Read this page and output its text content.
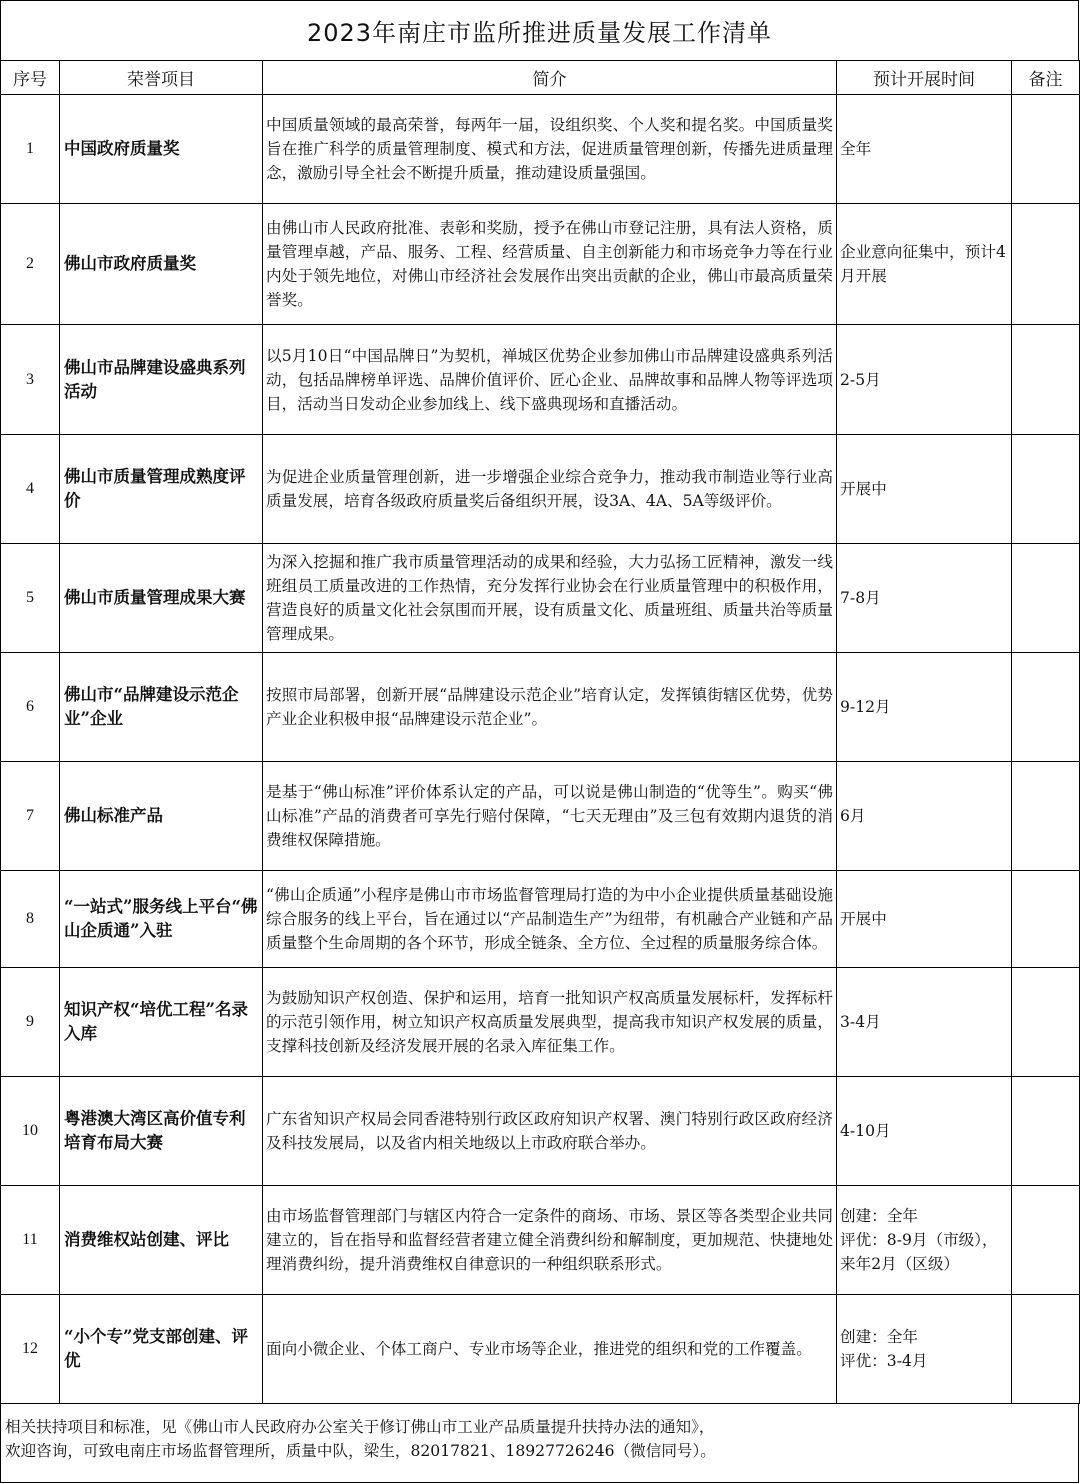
2023年南庄市监所推进质量发展工作清单
序号	荣誉项目	简介	预计开展时间	备注
1	中国政府质量奖	中国质量领域的最高荣誉，每两年一届，设组织奖、个人奖和提名奖。中国质量奖旨在推广科学的质量管理制度、模式和方法，促进质量管理创新，传播先进质量理念，激励引导全社会不断提升质量，推动建设质量强国。	全年	
2	佛山市政府质量奖	由佛山市人民政府批准、表彰和奖励，授予在佛山市登记注册，具有法人资格，质量管理卓越，产品、服务、工程、经营质量、自主创新能力和市场竞争力等在行业内处于领先地位，对佛山市经济社会发展作出突出贡献的企业，佛山市最高质量荣誉奖。	企业意向征集中，预计4月开展	
3	佛山市品牌建设盛典系列活动	以5月10日“中国品牌日”为契机，禅城区优势企业参加佛山市品牌建设盛典系列活动，包括品牌榜单评选、品牌价值评价、匠心企业、品牌故事和品牌人物等评选项目，活动当日发动企业参加线上、线下盛典现场和直播活动。	2-5月	
4	佛山市质量管理成熟度评价	为促进企业质量管理创新，进一步增强企业综合竞争力，推动我市制造业等行业高质量发展，培育各级政府质量奖后备组织开展，设3A、4A、5A等级评价。	开展中	
5	佛山市质量管理成果大赛	为深入挖掘和推广我市质量管理活动的成果和经验，大力弘扬工匠精神，激发一线班组员工质量改进的工作热情，充分发挥行业协会在行业质量管理中的积极作用，营造良好的质量文化社会氛围而开展，设有质量文化、质量班组、质量共治等质量管理成果。	7-8月	
6	佛山市“品牌建设示范企业”企业	按照市局部署，创新开展“品牌建设示范企业”培育认定，发挥镇街辖区优势，优势产业企业积极申报“品牌建设示范企业”。	9-12月	
7	佛山标准产品	是基于“佛山标准”评价体系认定的产品，可以说是佛山制造的“优等生”。购买“佛山标准”产品的消费者可享先行赔付保障，“七天无理由”及三包有效期内退货的消费维权保障措施。	6月	
8	“一站式”服务线上平台“佛山企质通”入驻	“佛山企质通”小程序是佛山市市场监督管理局打造的为中小企业提供质量基础设施综合服务的线上平台，旨在通过以“产品制造生产”为纽带，有机融合产业链和产品质量整个生命周期的各个环节，形成全链条、全方位、全过程的质量服务综合体。	开展中	
9	知识产权“培优工程”名录入库	为鼓励知识产权创造、保护和运用，培育一批知识产权高质量发展标杆，发挥标杆的示范引领作用，树立知识产权高质量发展典型，提高我市知识产权发展的质量，支撑科技创新及经济发展开展的名录入库征集工作。	3-4月	
10	粤港澳大湾区高价值专利培育布局大赛	广东省知识产权局会同香港特别行政区政府知识产权署、澳门特别行政区政府经济及科技发展局，以及省内相关地级以上市政府联合举办。	4-10月	
11	消费维权站创建、评比	由市场监督管理部门与辖区内符合一定条件的商场、市场、景区等各类型企业共同建立的，旨在指导和监督经营者建立健全消费纠纷和解制度，更加规范、快捷地处理消费纠纷，提升消费维权自律意识的一种组织联系形式。	创建：全年
评优：8-9月（市级），
来年2月（区级）	
12	“小个专”党支部创建、评优	面向小微企业、个体工商户、专业市场等企业，推进党的组织和党的工作覆盖。	创建：全年
评优：3-4月	
相关扶持项目和标准，见《佛山市人民政府办公室关于修订佛山市工业产品质量提升扶持办法的通知》，
欢迎咨询，可致电南庄市场监督管理所，质量中队，梁生，82017821、18927726246（微信同号）。
